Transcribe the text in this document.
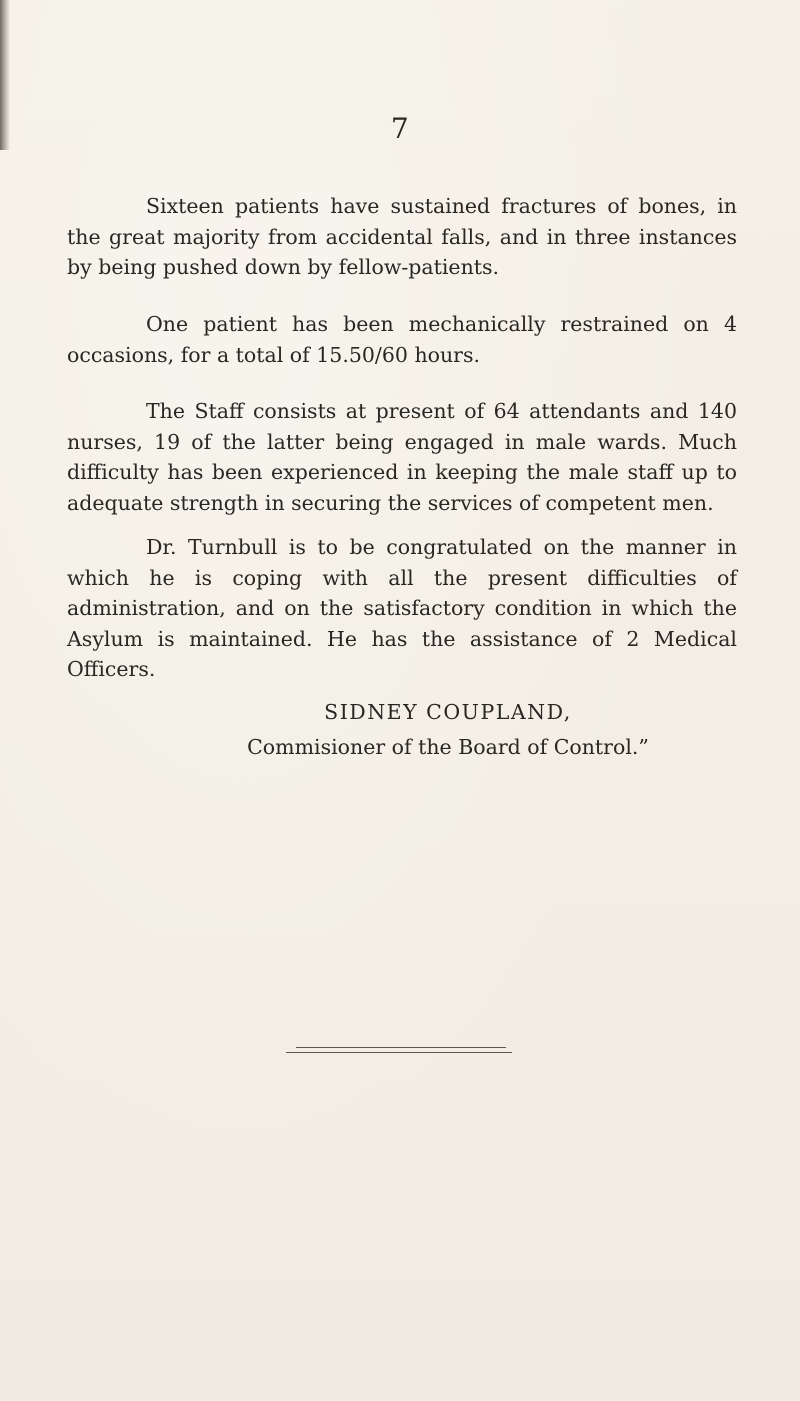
7

Sixteen patients have sustained fractures of bones, in the great majority from accidental falls, and in three instances by being pushed down by fellow-patients.

One patient has been mechanically restrained on 4 occasions, for a total of 15.50/60 hours.

The Staff consists at present of 64 attendants and 140 nurses, 19 of the latter being engaged in male wards. Much difficulty has been experienced in keeping the male staff up to adequate strength in securing the services of competent men.

Dr. Turnbull is to be congratulated on the manner in which he is coping with all the present difficulties of administration, and on the satisfactory condition in which the Asylum is maintained. He has the assistance of 2 Medical Officers.

SIDNEY COUPLAND,
Commisioner of the Board of Control.”
